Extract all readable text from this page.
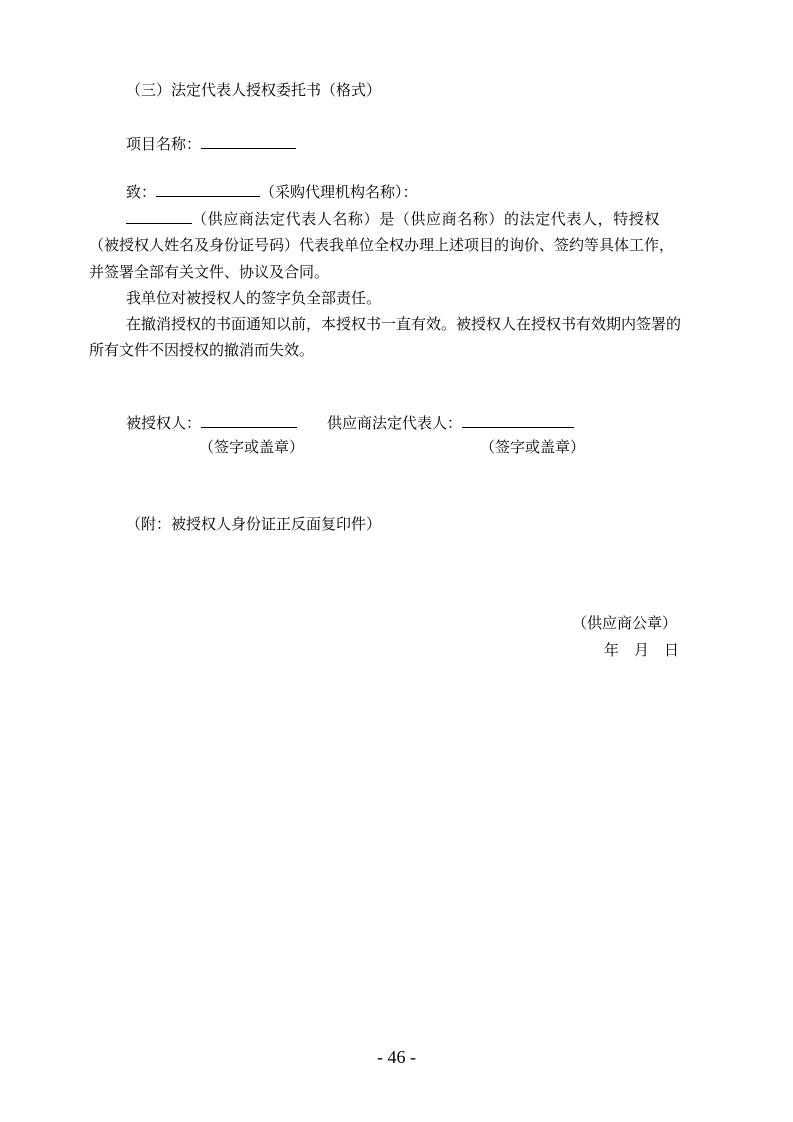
（三）法定代表人授权委托书（格式）
项目名称：
致：	（采购代理机构名称）：
（供应商法定代表人名称）是（供应商名称）的法定代表人，特授权
（被授权人姓名及身份证号码）代表我单位全权办理上述项目的询价、签约等具体工作，
并签署全部有关文件、协议及合同。
我单位对被授权人的签字负全部责任。
在撤消授权的书面通知以前，本授权书一直有效。被授权人在授权书有效期内签署的
所有文件不因授权的撤消而失效。
被授权人：
（签字或盖章）
供应商法定代表人：
（签字或盖章）
（附：被授权人身份证正反面复印件）
（供应商公章）
年　月　日
- 46 -
